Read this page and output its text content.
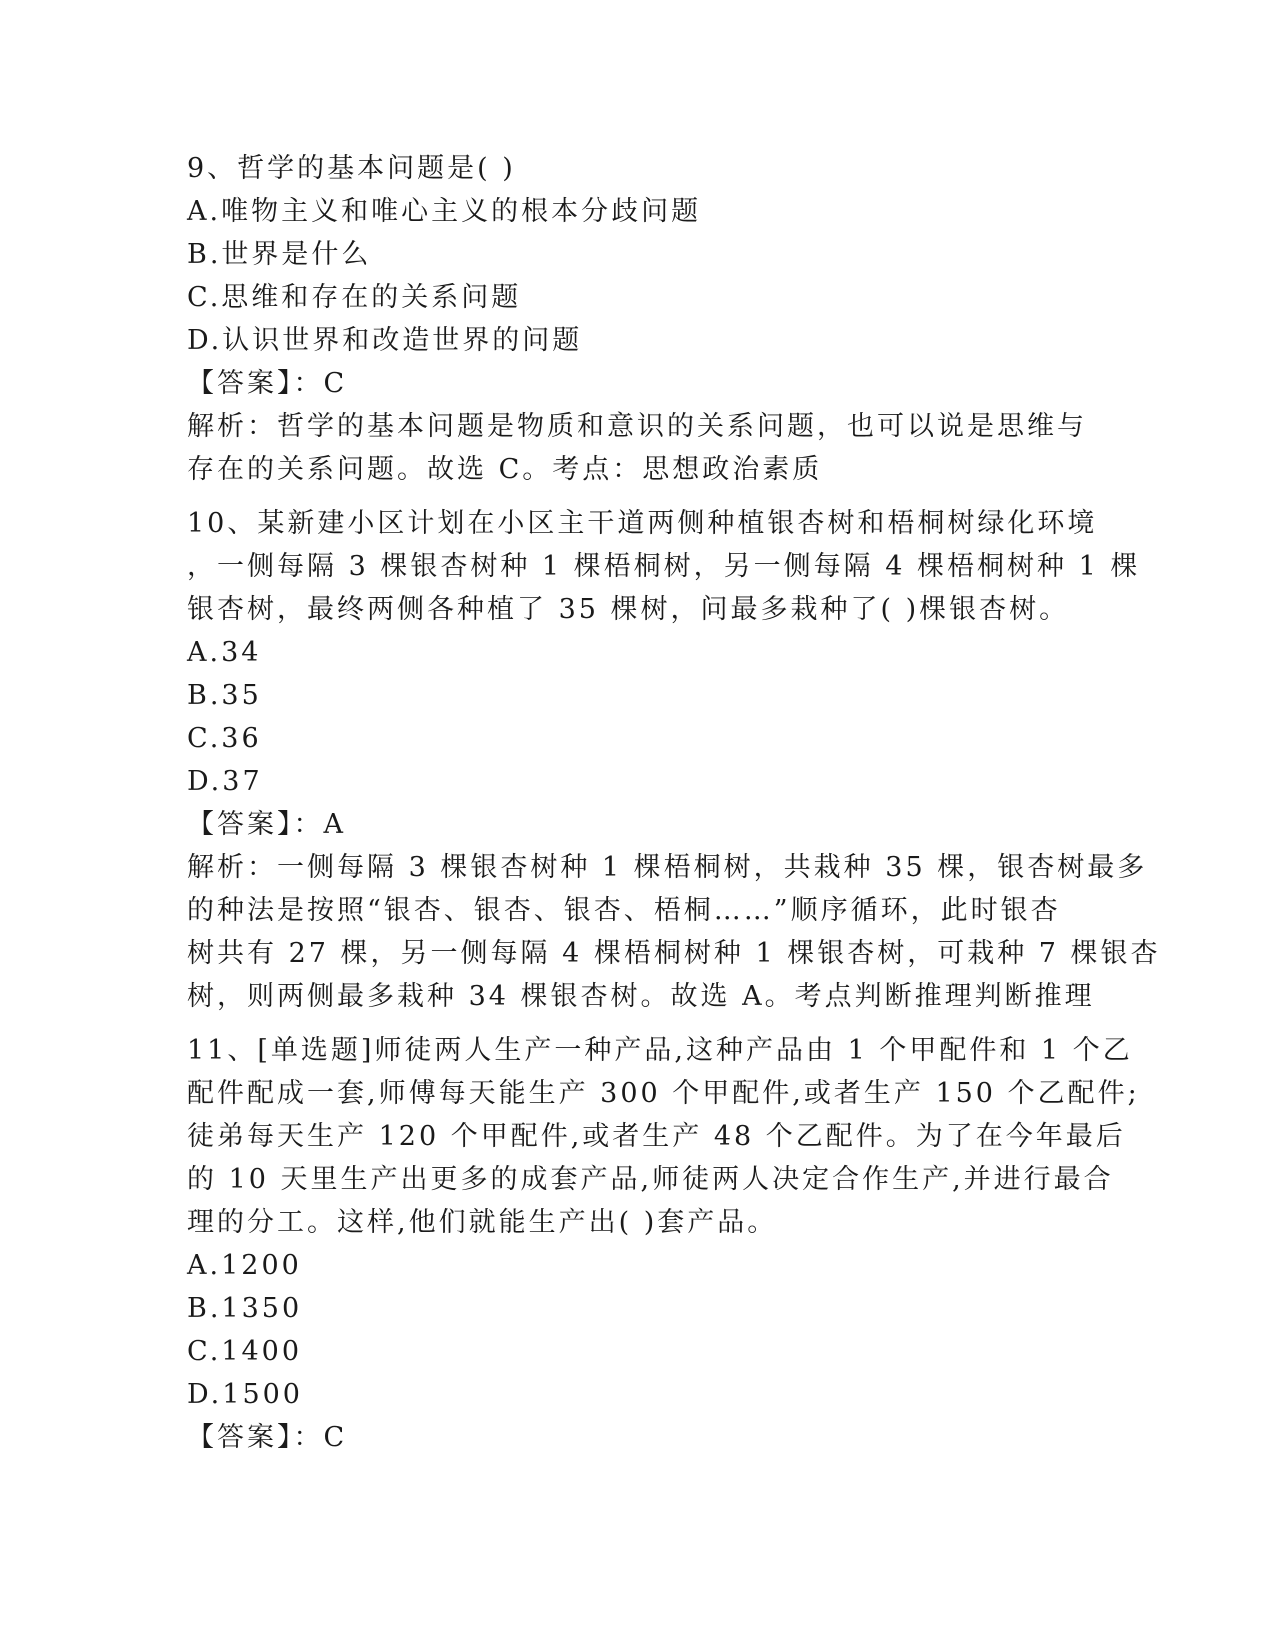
9、哲学的基本问题是( )
A.唯物主义和唯心主义的根本分歧问题
B.世界是什么
C.思维和存在的关系问题
D.认识世界和改造世界的问题
【答案】：C
解析：哲学的基本问题是物质和意识的关系问题，也可以说是思维与
存在的关系问题。故选 C。考点：思想政治素质
10、某新建小区计划在小区主干道两侧种植银杏树和梧桐树绿化环境
，一侧每隔 3 棵银杏树种 1 棵梧桐树，另一侧每隔 4 棵梧桐树种 1 棵
银杏树，最终两侧各种植了 35 棵树，问最多栽种了( )棵银杏树。
A.34
B.35
C.36
D.37
【答案】：A
解析：一侧每隔 3 棵银杏树种 1 棵梧桐树，共栽种 35 棵，银杏树最多
的种法是按照“银杏、银杏、银杏、梧桐……”顺序循环，此时银杏
树共有 27 棵，另一侧每隔 4 棵梧桐树种 1 棵银杏树，可栽种 7 棵银杏
树，则两侧最多栽种 34 棵银杏树。故选 A。考点判断推理判断推理
11、[单选题]师徒两人生产一种产品,这种产品由 1 个甲配件和 1 个乙
配件配成一套,师傅每天能生产 300 个甲配件,或者生产 150 个乙配件;
徒弟每天生产 120 个甲配件,或者生产 48 个乙配件。为了在今年最后
的 10 天里生产出更多的成套产品,师徒两人决定合作生产,并进行最合
理的分工。这样,他们就能生产出( )套产品。
A.1200
B.1350
C.1400
D.1500
【答案】：C
